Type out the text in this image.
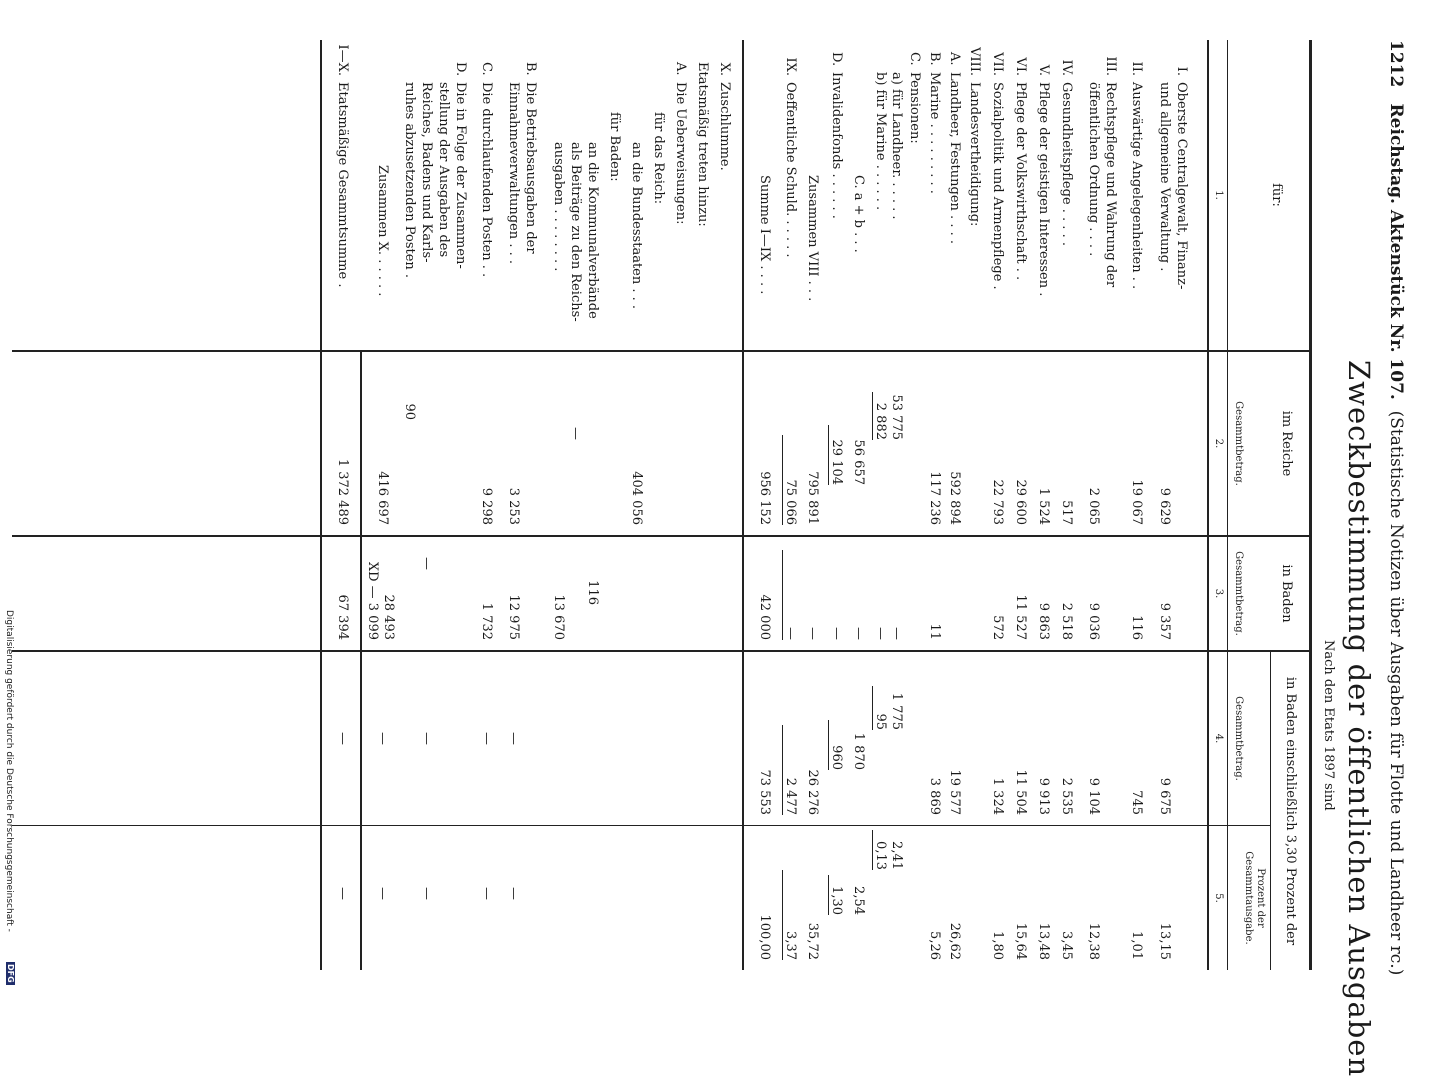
1212   Reichstag. Aktenstück Nr. 107.  (Statistische Notizen über Ausgaben für Flotte und Landheer rc.)
Zweckbestimmung der öffentlichen Ausgaben
Nach den Etats 1897 sind
für:
1.
im Reiche
Gesammtbetrag.
2.
in Baden
Gesammtbetrag.
3.
in Baden einschließlich 3,30 Prozent der
Gesammtbetrag.
4.
Prozent der
Gesammtausgabe.
5.
I.
Oberste Centralgewalt, Finanz-
und allgemeine Verwaltung .
9 629
9 357
9 675
13,15
II.
Auswärtige Angelegenheiten . .
19 067
116
745
1,01
III.
Rechtspflege und Wahrung der
öffentlichen Ordnung . . . .
2 065
9 036
9 104
12,38
IV.
Gesundheitspflege . . . . .
517
2 518
2 535
3,45
V.
Pflege der geistigen Interessen .
1 524
9 863
9 913
13,48
VI.
Pflege der Volkswirthschaft . .
29 600
11 527
11 504
15,64
VII.
Sozialpolitik und Armenpflege .
22 793
572
1 324
1,80
VIII.
Landesvertheidigung:
A.
Landheer, Festungen . . . .
592 894
19 577
26,62
B.
Marine . . . . . . . . .
117 236
11
3 869
5,26
C.
Pensionen:
a) für Landheer. . . . . .
53 775
—
1 775
2,41
b) für Marine . . . . . .
2 882
—
95
0,13
C. a + b . . .
56 657
—
1 870
2,54
D.
Invalidenfonds . . . . . .
29 104
—
960
1,30
Zusammen VIII . . .
795 891
—
26 276
35,72
IX.
Oeffentliche Schuld. . . . . .
75 066
—
2 477
3,37
Summe I—IX . . . .
956 152
42 000
73 553
100,00
X.
Zuschlumme.
Etatsmäßig treten hinzu:
A.
Die Ueberweisungen:
für das Reich:
an die Bundesstaaten . . .
404 056
für Baden:
an die Kommunalverbände
als Beiträge zu den Reichs-
ausgaben . . . . . . . .
—
116
13 670
B.
Die Betriebsausgaben der
Einnahmeverwaltungen . . .
3 253
12 975
—
—
C.
Die durchlaufenden Posten . .
9 298
1 732
—
—
D.
Die in Folge der Zusammen-
stellung der Ausgaben des
Reiches, Badens und Karls-
ruhes abzusetzenden Posten .
90
—
—
—
Zusammen X. . . . . .
416 697
28 493
XD — 3 099
—
—
I—X.
Etatsmäßige Gesammtsumme .
1 372 489
67 394
—
—
Digitalisierung gefördert durch die Deutsche Forschungsgemeinschaft -
DFG
